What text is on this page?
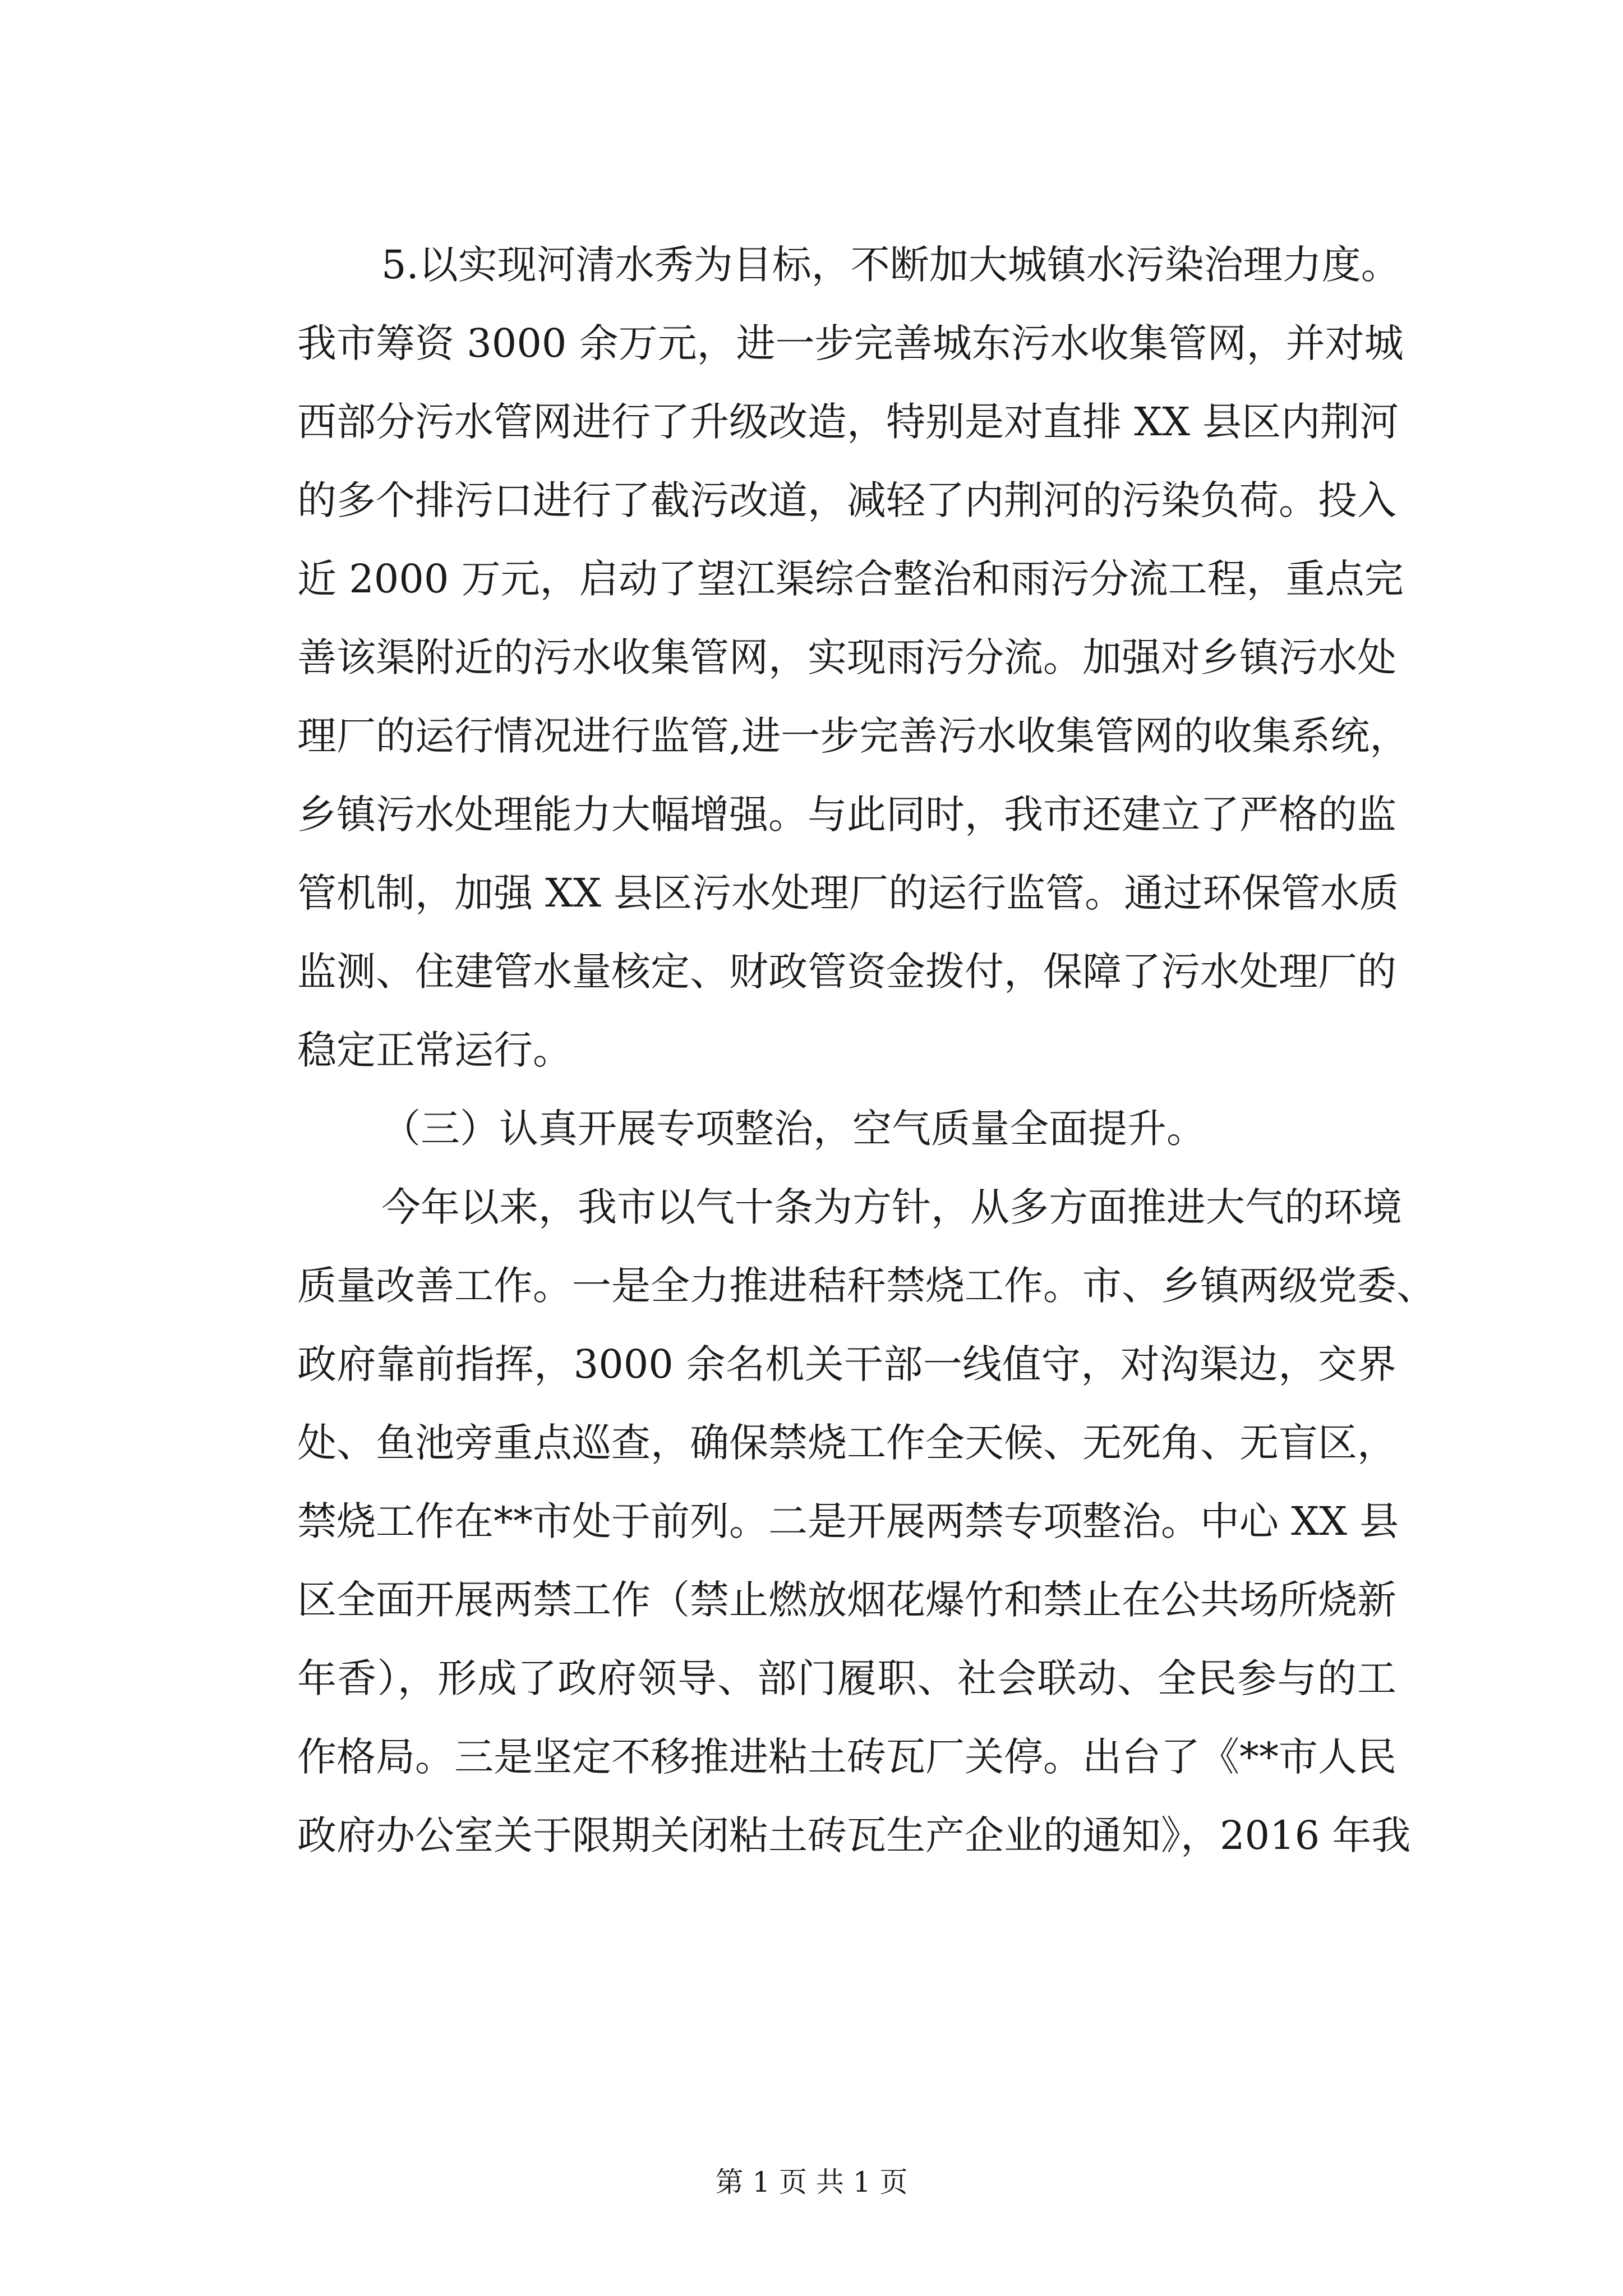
5.以实现河清水秀为目标，不断加大城镇水污染治理力度。
我市筹资 3000 余万元，进一步完善城东污水收集管网，并对城
西部分污水管网进行了升级改造，特别是对直排 XX 县区内荆河
的多个排污口进行了截污改道，减轻了内荆河的污染负荷。投入
近 2000 万元，启动了望江渠综合整治和雨污分流工程，重点完
善该渠附近的污水收集管网，实现雨污分流。加强对乡镇污水处
理厂的运行情况进行监管,进一步完善污水收集管网的收集系统，
乡镇污水处理能力大幅增强。与此同时，我市还建立了严格的监
管机制，加强 XX 县区污水处理厂的运行监管。通过环保管水质
监测、住建管水量核定、财政管资金拨付，保障了污水处理厂的
稳定正常运行。
（三）认真开展专项整治，空气质量全面提升。
今年以来，我市以气十条为方针，从多方面推进大气的环境
质量改善工作。一是全力推进秸秆禁烧工作。市、乡镇两级党委、
政府靠前指挥，3000 余名机关干部一线值守，对沟渠边，交界
处、鱼池旁重点巡查，确保禁烧工作全天候、无死角、无盲区，
禁烧工作在**市处于前列。二是开展两禁专项整治。中心 XX 县
区全面开展两禁工作（禁止燃放烟花爆竹和禁止在公共场所烧新
年香），形成了政府领导、部门履职、社会联动、全民参与的工
作格局。三是坚定不移推进粘土砖瓦厂关停。出台了《**市人民
政府办公室关于限期关闭粘土砖瓦生产企业的通知》，2016 年我
第 1 页 共 1 页
